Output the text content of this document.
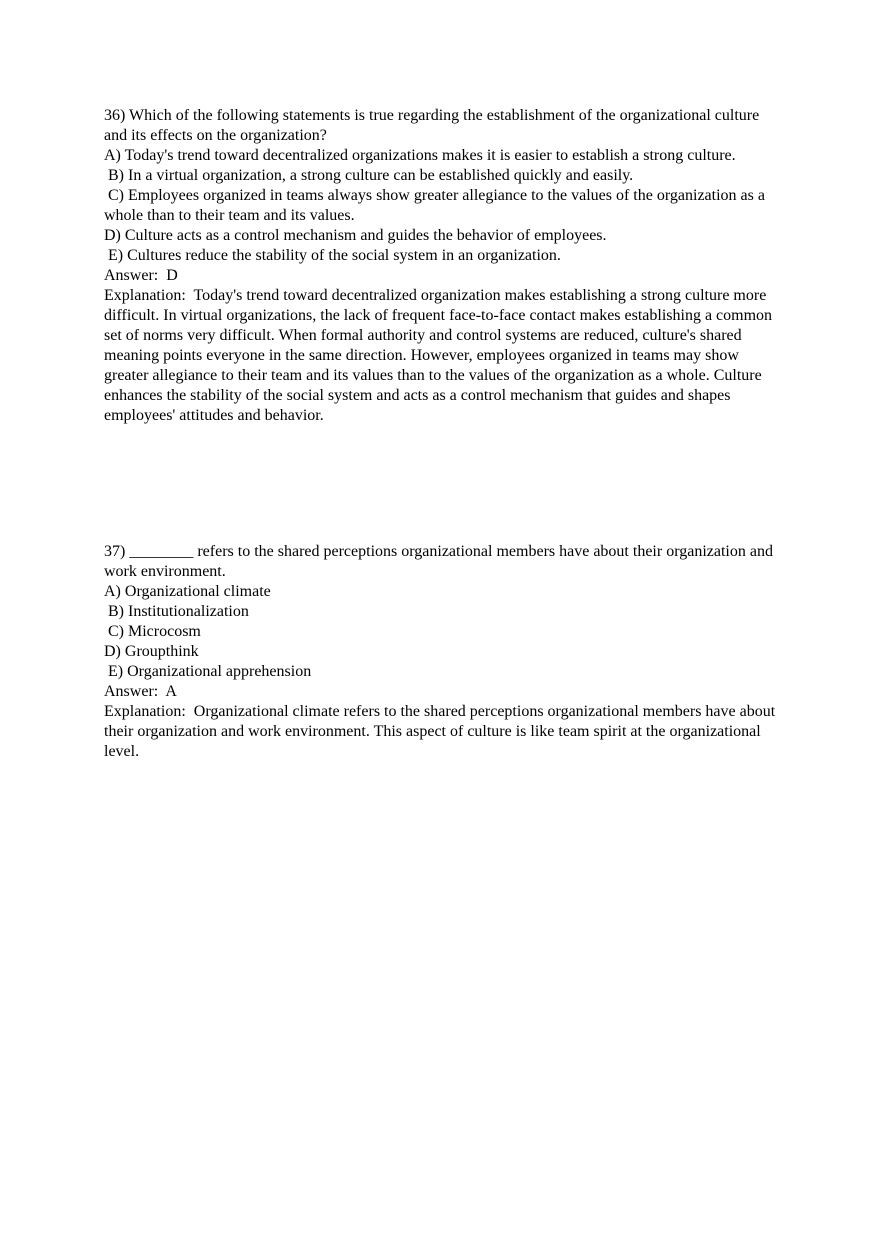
36) Which of the following statements is true regarding the establishment of the organizational culture and its effects on the organization?
A) Today's trend toward decentralized organizations makes it is easier to establish a strong culture.
B) In a virtual organization, a strong culture can be established quickly and easily.
C) Employees organized in teams always show greater allegiance to the values of the organization as a whole than to their team and its values.
D) Culture acts as a control mechanism and guides the behavior of employees.
E) Cultures reduce the stability of the social system in an organization.
Answer:  D
Explanation:  Today's trend toward decentralized organization makes establishing a strong culture more difficult. In virtual organizations, the lack of frequent face-to-face contact makes establishing a common set of norms very difficult. When formal authority and control systems are reduced, culture's shared meaning points everyone in the same direction. However, employees organized in teams may show greater allegiance to their team and its values than to the values of the organization as a whole. Culture enhances the stability of the social system and acts as a control mechanism that guides and shapes employees' attitudes and behavior.
37) ________ refers to the shared perceptions organizational members have about their organization and work environment.
A) Organizational climate
B) Institutionalization
C) Microcosm
D) Groupthink
E) Organizational apprehension
Answer:  A
Explanation:  Organizational climate refers to the shared perceptions organizational members have about their organization and work environment. This aspect of culture is like team spirit at the organizational level.
